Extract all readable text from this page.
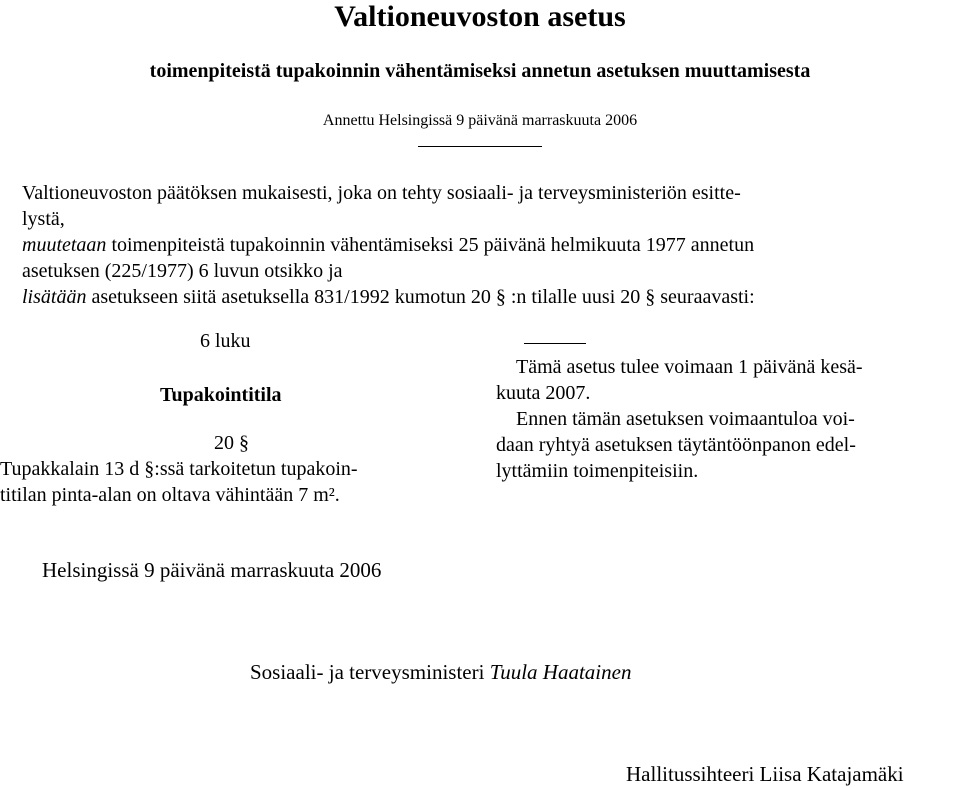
Valtioneuvoston asetus
toimenpiteistä tupakoinnin vähentämiseksi annetun asetuksen muuttamisesta
Annettu Helsingissä 9 päivänä marraskuuta 2006
Valtioneuvoston päätöksen mukaisesti, joka on tehty sosiaali- ja terveysministeriön esitte-
lystä,
muutetaan toimenpiteistä tupakoinnin vähentämiseksi 25 päivänä helmikuuta 1977 annetun
asetuksen (225/1977) 6 luvun otsikko ja
lisätään asetukseen siitä asetuksella 831/1992 kumotun 20 § :n tilalle uusi 20 § seuraavasti:
6 luku
Tupakointitila
20 §
Tupakkalain 13 d §:ssä tarkoitetun tupakoin-
titilan pinta-alan on oltava vähintään 7 m².
Tämä asetus tulee voimaan 1 päivänä kesä-
kuuta 2007.
Ennen tämän asetuksen voimaantuloa voi-
daan ryhtyä asetuksen täytäntöönpanon edel-
lyttämiin toimenpiteisiin.
Helsingissä 9 päivänä marraskuuta 2006
Sosiaali- ja terveysministeri Tuula Haatainen
Hallitussihteeri Liisa Katajamäki
